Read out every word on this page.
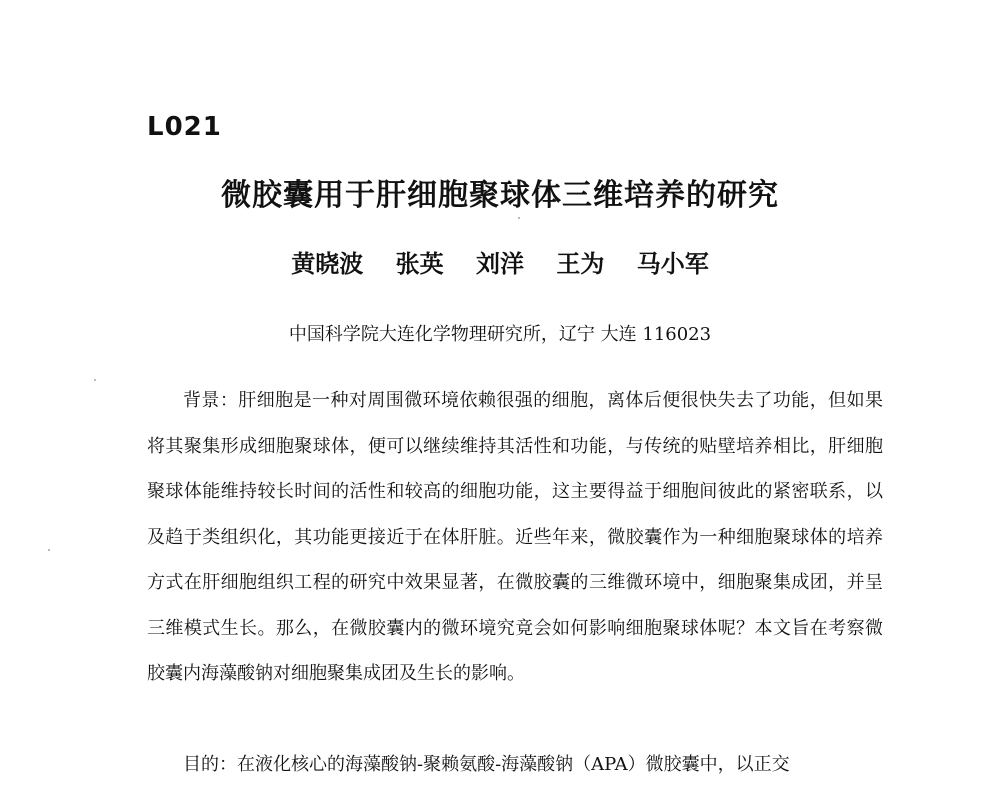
L021
微胶囊用于肝细胞聚球体三维培养的研究
黄晓波 张英 刘洋 王为 马小军
中国科学院大连化学物理研究所，辽宁 大连 116023

背景：肝细胞是一种对周围微环境依赖很强的细胞，离体后便很快失去了功能，但如果将其聚集形成细胞聚球体，便可以继续维持其活性和功能，与传统的贴壁培养相比，肝细胞聚球体能维持较长时间的活性和较高的细胞功能，这主要得益于细胞间彼此的紧密联系，以及趋于类组织化，其功能更接近于在体肝脏。近些年来，微胶囊作为一种细胞聚球体的培养方式在肝细胞组织工程的研究中效果显著，在微胶囊的三维微环境中，细胞聚集成团，并呈三维模式生长。那么，在微胶囊内的微环境究竟会如何影响细胞聚球体呢？本文旨在考察微胶囊内海藻酸钠对细胞聚集成团及生长的影响。

目的：在液化核心的海藻酸钠-聚赖氨酸-海藻酸钠（APA）微胶囊中，以正交
